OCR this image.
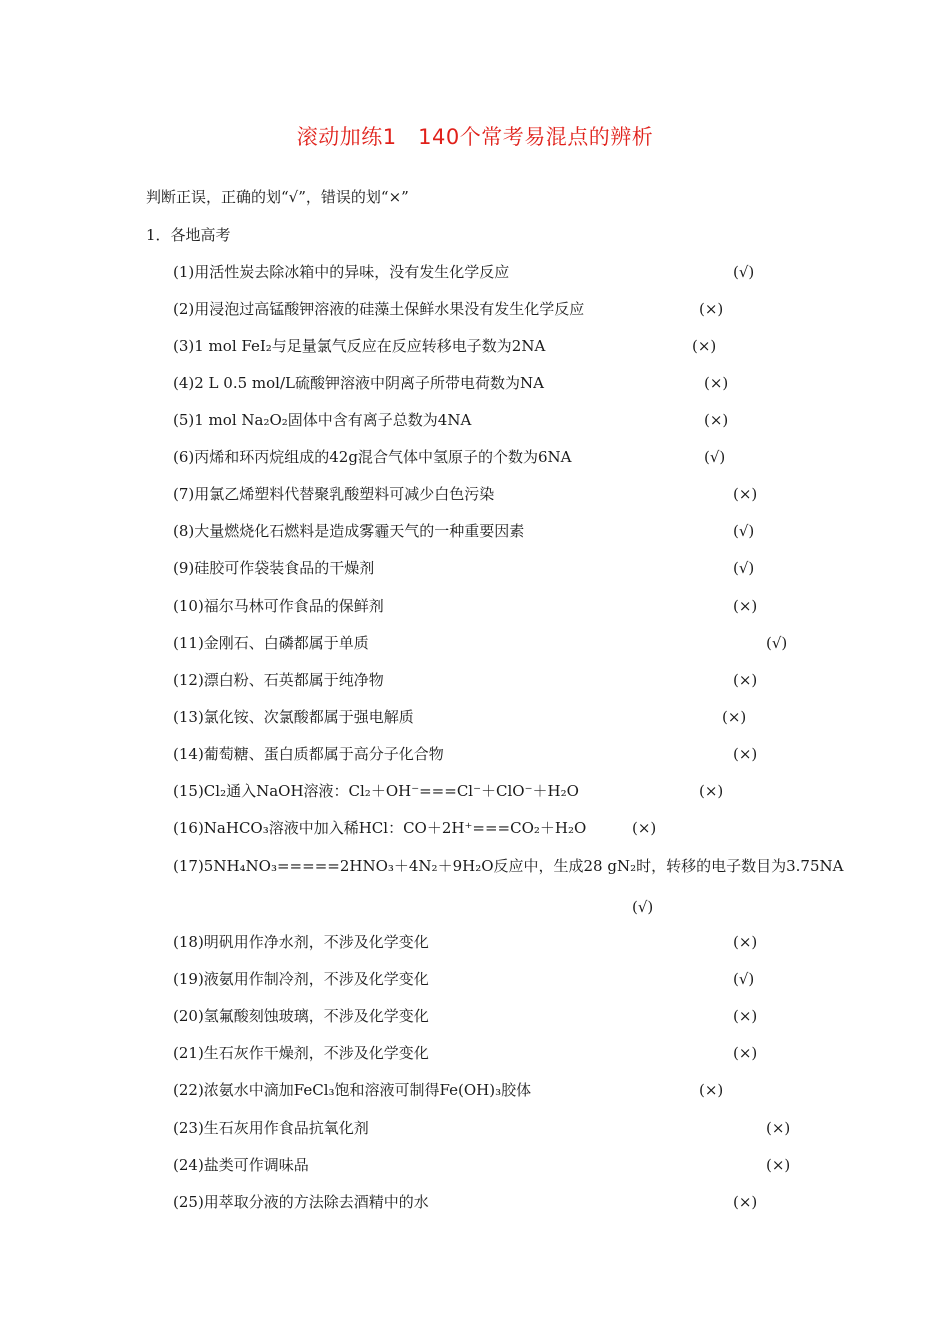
滚动加练1　140个常考易混点的辨析
判断正误，正确的划“√”，错误的划“×”
1．各地高考
(1)用活性炭去除冰箱中的异味，没有发生化学反应	(√)
(2)用浸泡过高锰酸钾溶液的硅藻土保鲜水果没有发生化学反应	(×)
(3)1 mol FeI₂与足量氯气反应在反应转移电子数为2NA	(×)
(4)2 L 0.5 mol/L硫酸钾溶液中阴离子所带电荷数为NA	(×)
(5)1 mol Na₂O₂固体中含有离子总数为4NA	(×)
(6)丙烯和环丙烷组成的42g混合气体中氢原子的个数为6NA	(√)
(7)用氯乙烯塑料代替聚乳酸塑料可减少白色污染	(×)
(8)大量燃烧化石燃料是造成雾霾天气的一种重要因素	(√)
(9)硅胶可作袋装食品的干燥剂	(√)
(10)福尔马林可作食品的保鲜剂	(×)
(11)金刚石、白磷都属于单质	(√)
(12)漂白粉、石英都属于纯净物	(×)
(13)氯化铵、次氯酸都属于强电解质	(×)
(14)葡萄糖、蛋白质都属于高分子化合物	(×)
(15)Cl₂通入NaOH溶液：Cl₂＋OH⁻===Cl⁻＋ClO⁻＋H₂O	(×)
(16)NaHCO₃溶液中加入稀HCl：CO＋2H⁺===CO₂＋H₂O	(×)
(17)5NH₄NO₃=====2HNO₃＋4N₂＋9H₂O反应中，生成28 gN₂时，转移的电子数目为3.75NA
(√)
(18)明矾用作净水剂，不涉及化学变化	(×)
(19)液氨用作制冷剂，不涉及化学变化	(√)
(20)氢氟酸刻蚀玻璃，不涉及化学变化	(×)
(21)生石灰作干燥剂，不涉及化学变化	(×)
(22)浓氨水中滴加FeCl₃饱和溶液可制得Fe(OH)₃胶体	(×)
(23)生石灰用作食品抗氧化剂	(×)
(24)盐类可作调味品	(×)
(25)用萃取分液的方法除去酒精中的水	(×)
